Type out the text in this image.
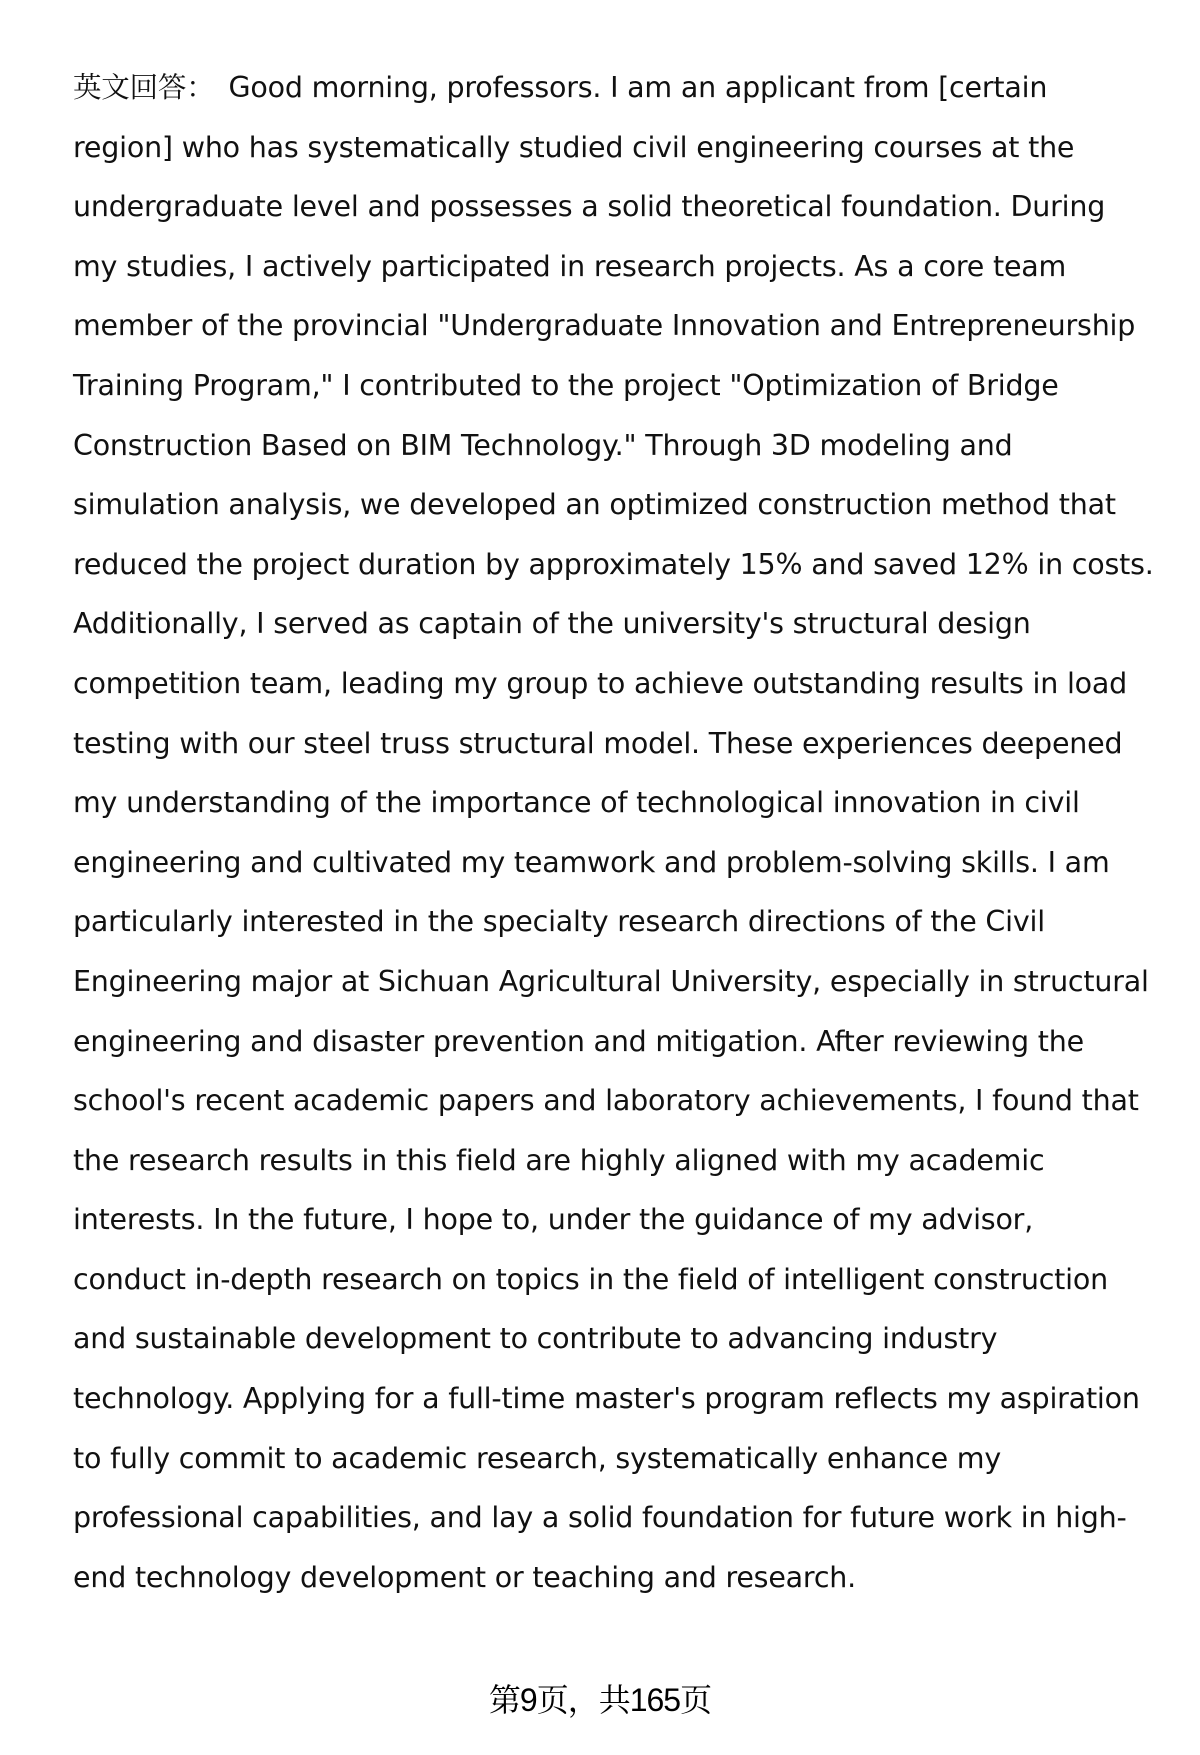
英文回答： Good morning, professors. I am an applicant from [certain
region] who has systematically studied civil engineering courses at the
undergraduate level and possesses a solid theoretical foundation. During
my studies, I actively participated in research projects. As a core team
member of the provincial "Undergraduate Innovation and Entrepreneurship
Training Program," I contributed to the project "Optimization of Bridge
Construction Based on BIM Technology." Through 3D modeling and
simulation analysis, we developed an optimized construction method that
reduced the project duration by approximately 15% and saved 12% in costs.
Additionally, I served as captain of the university's structural design
competition team, leading my group to achieve outstanding results in load
testing with our steel truss structural model. These experiences deepened
my understanding of the importance of technological innovation in civil
engineering and cultivated my teamwork and problem-solving skills. I am
particularly interested in the specialty research directions of the Civil
Engineering major at Sichuan Agricultural University, especially in structural
engineering and disaster prevention and mitigation. After reviewing the
school's recent academic papers and laboratory achievements, I found that
the research results in this field are highly aligned with my academic
interests. In the future, I hope to, under the guidance of my advisor,
conduct in-depth research on topics in the field of intelligent construction
and sustainable development to contribute to advancing industry
technology. Applying for a full-time master's program reflects my aspiration
to fully commit to academic research, systematically enhance my
professional capabilities, and lay a solid foundation for future work in high-
end technology development or teaching and research.
第9页，共165页
